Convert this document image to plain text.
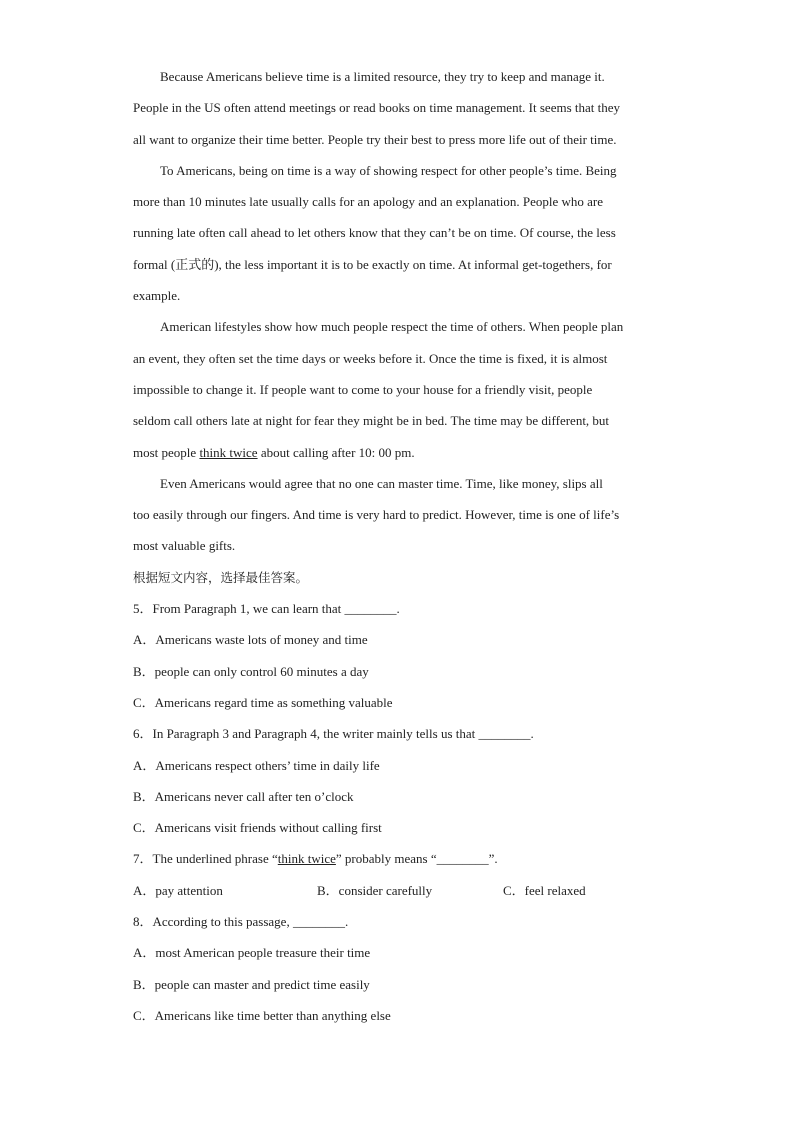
Because Americans believe time is a limited resource, they try to keep and manage it.
People in the US often attend meetings or read books on time management. It seems that they
all want to organize their time better. People try their best to press more life out of their time.
To Americans, being on time is a way of showing respect for other people’s time. Being
more than 10 minutes late usually calls for an apology and an explanation. People who are
running late often call ahead to let others know that they can’t be on time. Of course, the less
formal (正式的), the less important it is to be exactly on time. At informal get-togethers, for
example.
American lifestyles show how much people respect the time of others. When people plan
an event, they often set the time days or weeks before it. Once the time is fixed, it is almost
impossible to change it. If people want to come to your house for a friendly visit, people
seldom call others late at night for fear they might be in bed. The time may be different, but
most people think twice about calling after 10: 00 pm.
Even Americans would agree that no one can master time. Time, like money, slips all
too easily through our fingers. And time is very hard to predict. However, time is one of life’s
most valuable gifts.
根据短文内容，选择最佳答案。
5．From Paragraph 1, we can learn that ________.
A．Americans waste lots of money and time
B．people can only control 60 minutes a day
C．Americans regard time as something valuable
6．In Paragraph 3 and Paragraph 4, the writer mainly tells us that ________.
A．Americans respect others’ time in daily life
B．Americans never call after ten o’clock
C．Americans visit friends without calling first
7．The underlined phrase “think twice” probably means “________”.
A．pay attention	B．consider carefully	C．feel relaxed
8．According to this passage, ________.
A．most American people treasure their time
B．people can master and predict time easily
C．Americans like time better than anything else
